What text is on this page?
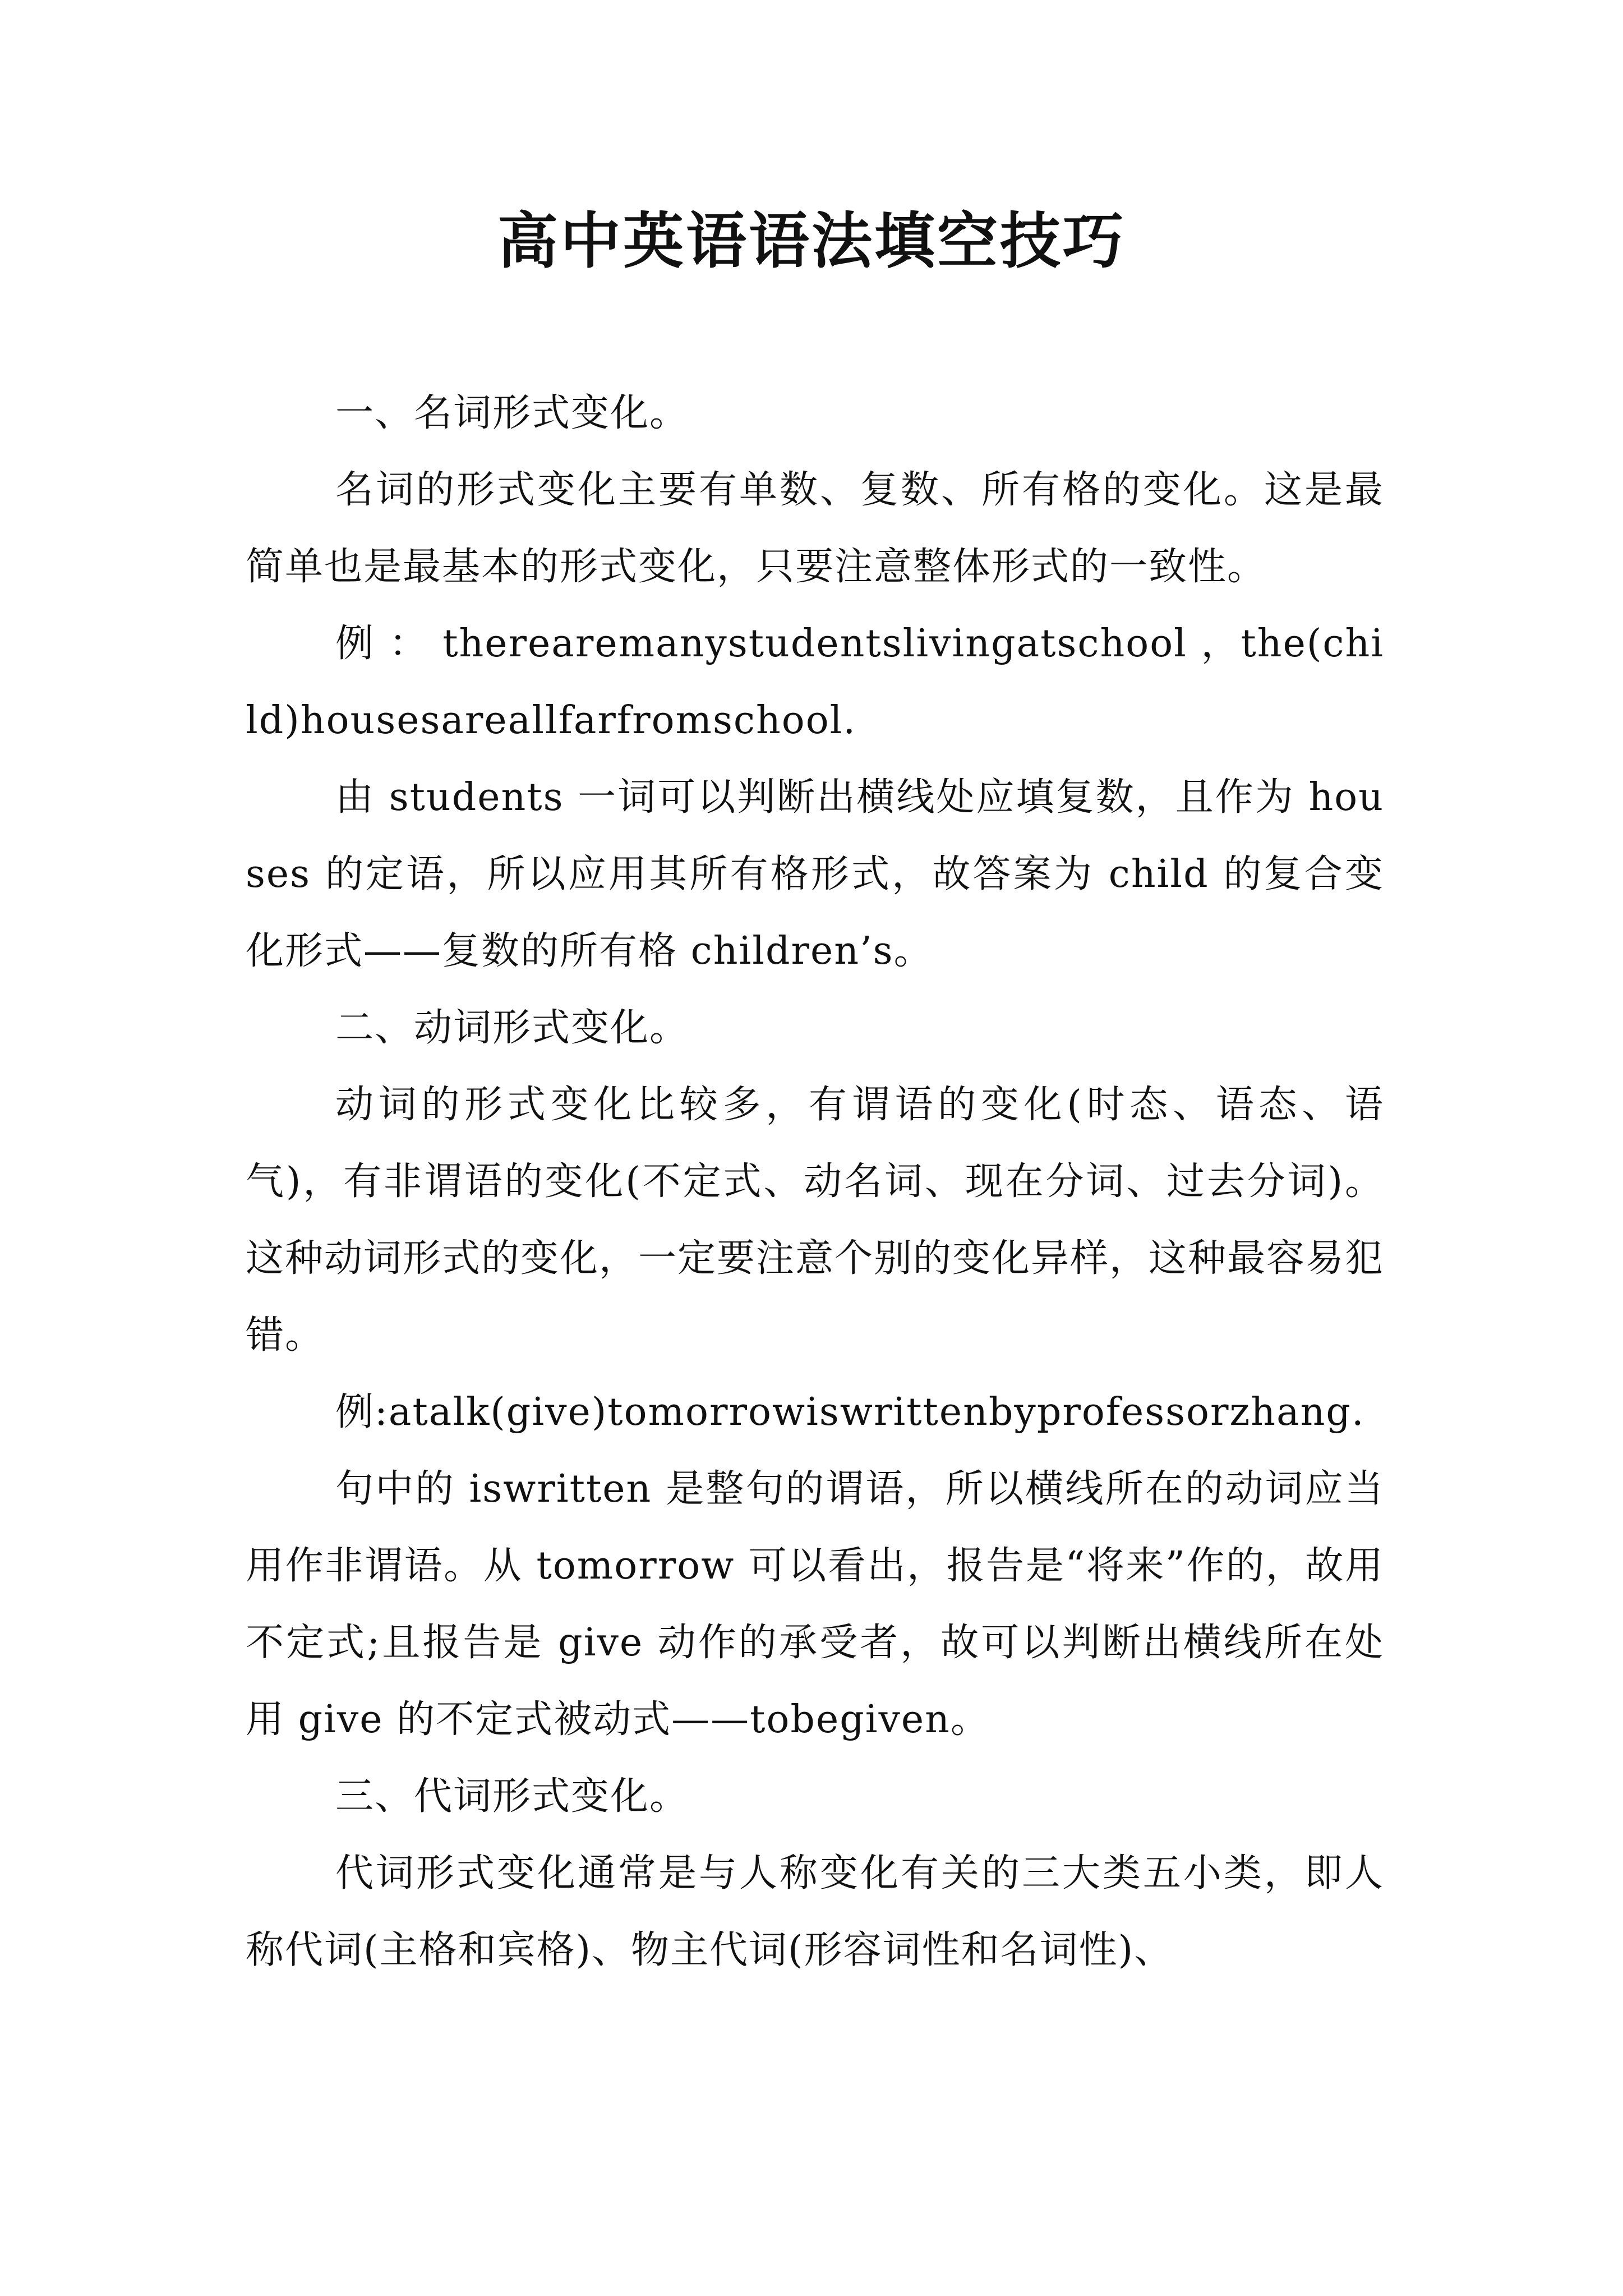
高中英语语法填空技巧

一、名词形式变化。

名词的形式变化主要有单数、复数、所有格的变化。这是最简单也是最基本的形式变化，只要注意整体形式的一致性。

例 ： therearemanystudentslivingatschool ，the(child)housesareallfarfromschool.

由 students 一词可以判断出横线处应填复数，且作为 houses 的定语，所以应用其所有格形式，故答案为 child 的复合变化形式——复数的所有格 children’s。

二、动词形式变化。

动词的形式变化比较多，有谓语的变化(时态、语态、语气)，有非谓语的变化(不定式、动名词、现在分词、过去分词)。这种动词形式的变化，一定要注意个别的变化异样，这种最容易犯错。

例:atalk(give)tomorrowiswrittenbyprofessorzhang.

句中的 iswritten 是整句的谓语，所以横线所在的动词应当用作非谓语。从 tomorrow 可以看出，报告是“将来”作的，故用不定式;且报告是 give 动作的承受者，故可以判断出横线所在处用 give 的不定式被动式——tobegiven。

三、代词形式变化。

代词形式变化通常是与人称变化有关的三大类五小类，即人称代词(主格和宾格)、物主代词(形容词性和名词性)、
